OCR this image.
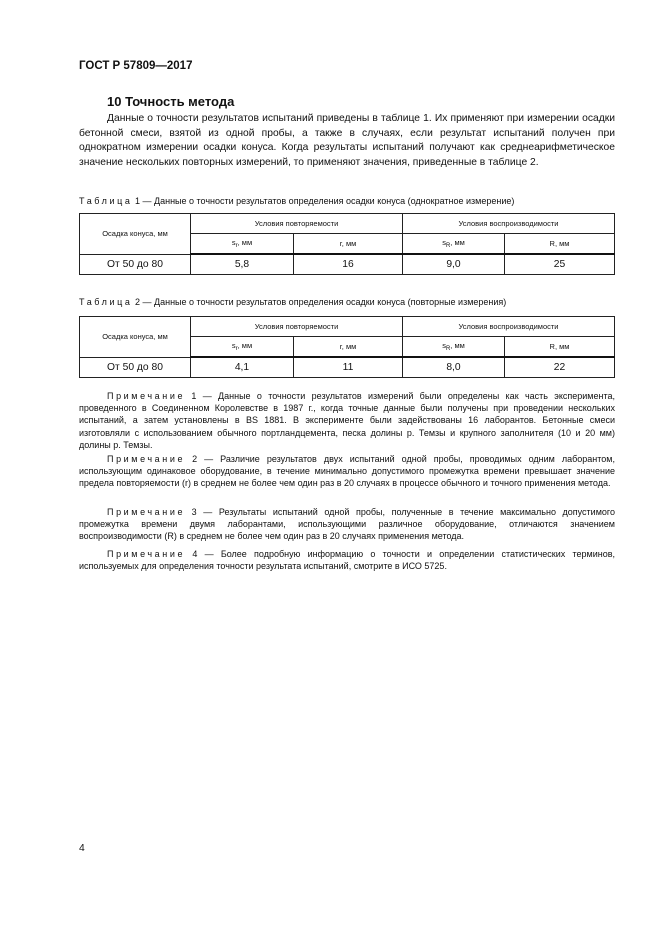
ГОСТ Р 57809—2017
10 Точность метода
Данные о точности результатов испытаний приведены в таблице 1. Их применяют при измерении осадки бетонной смеси, взятой из одной пробы, а также в случаях, если результат испытаний получен при однократном измерении осадки конуса. Когда результаты испытаний получают как среднеарифметическое значение нескольких повторных измерений, то применяют значения, приведенные в таблице 2.
Таблица 1 — Данные о точности результатов определения осадки конуса (однократное измерение)
Осадка конуса, мм	Условия повторяемости		Условия воспроизводимости	
	$s_r$, мм	r, мм	$s_R$, мм	R, мм
От 50 до 80	5,8	16	9,0	25
Таблица 2 — Данные о точности результатов определения осадки конуса (повторные измерения)
Осадка конуса, мм	Условия повторяемости		Условия воспроизводимости	
	$s_r$, мм	r, мм	$s_R$, мм	R, мм
От 50 до 80	4,1	11	8,0	22
Примечание 1 — Данные о точности результатов измерений были определены как часть эксперимента, проведенного в Соединенном Королевстве в 1987 г., когда точные данные были получены при проведении нескольких испытаний, а затем установлены в BS 1881. В эксперименте были задействованы 16 лаборантов. Бетонные смеси изготовляли с использованием обычного портландцемента, песка долины р. Темзы и крупного заполнителя (10 и 20 мм) долины р. Темзы.
Примечание 2 — Различие результатов двух испытаний одной пробы, проводимых одним лаборантом, использующим одинаковое оборудование, в течение минимально допустимого промежутка времени превышает значение предела повторяемости (r) в среднем не более чем один раз в 20 случаях в процессе обычного и точного применения метода.
Примечание 3 — Результаты испытаний одной пробы, полученные в течение максимально допустимого промежутка времени двумя лаборантами, использующими различное оборудование, отличаются значением воспроизводимости (R) в среднем не более чем один раз в 20 случаях применения метода.
Примечание 4 — Более подробную информацию о точности и определении статистических терминов, используемых для определения точности результата испытаний, смотрите в ИСО 5725.
4
